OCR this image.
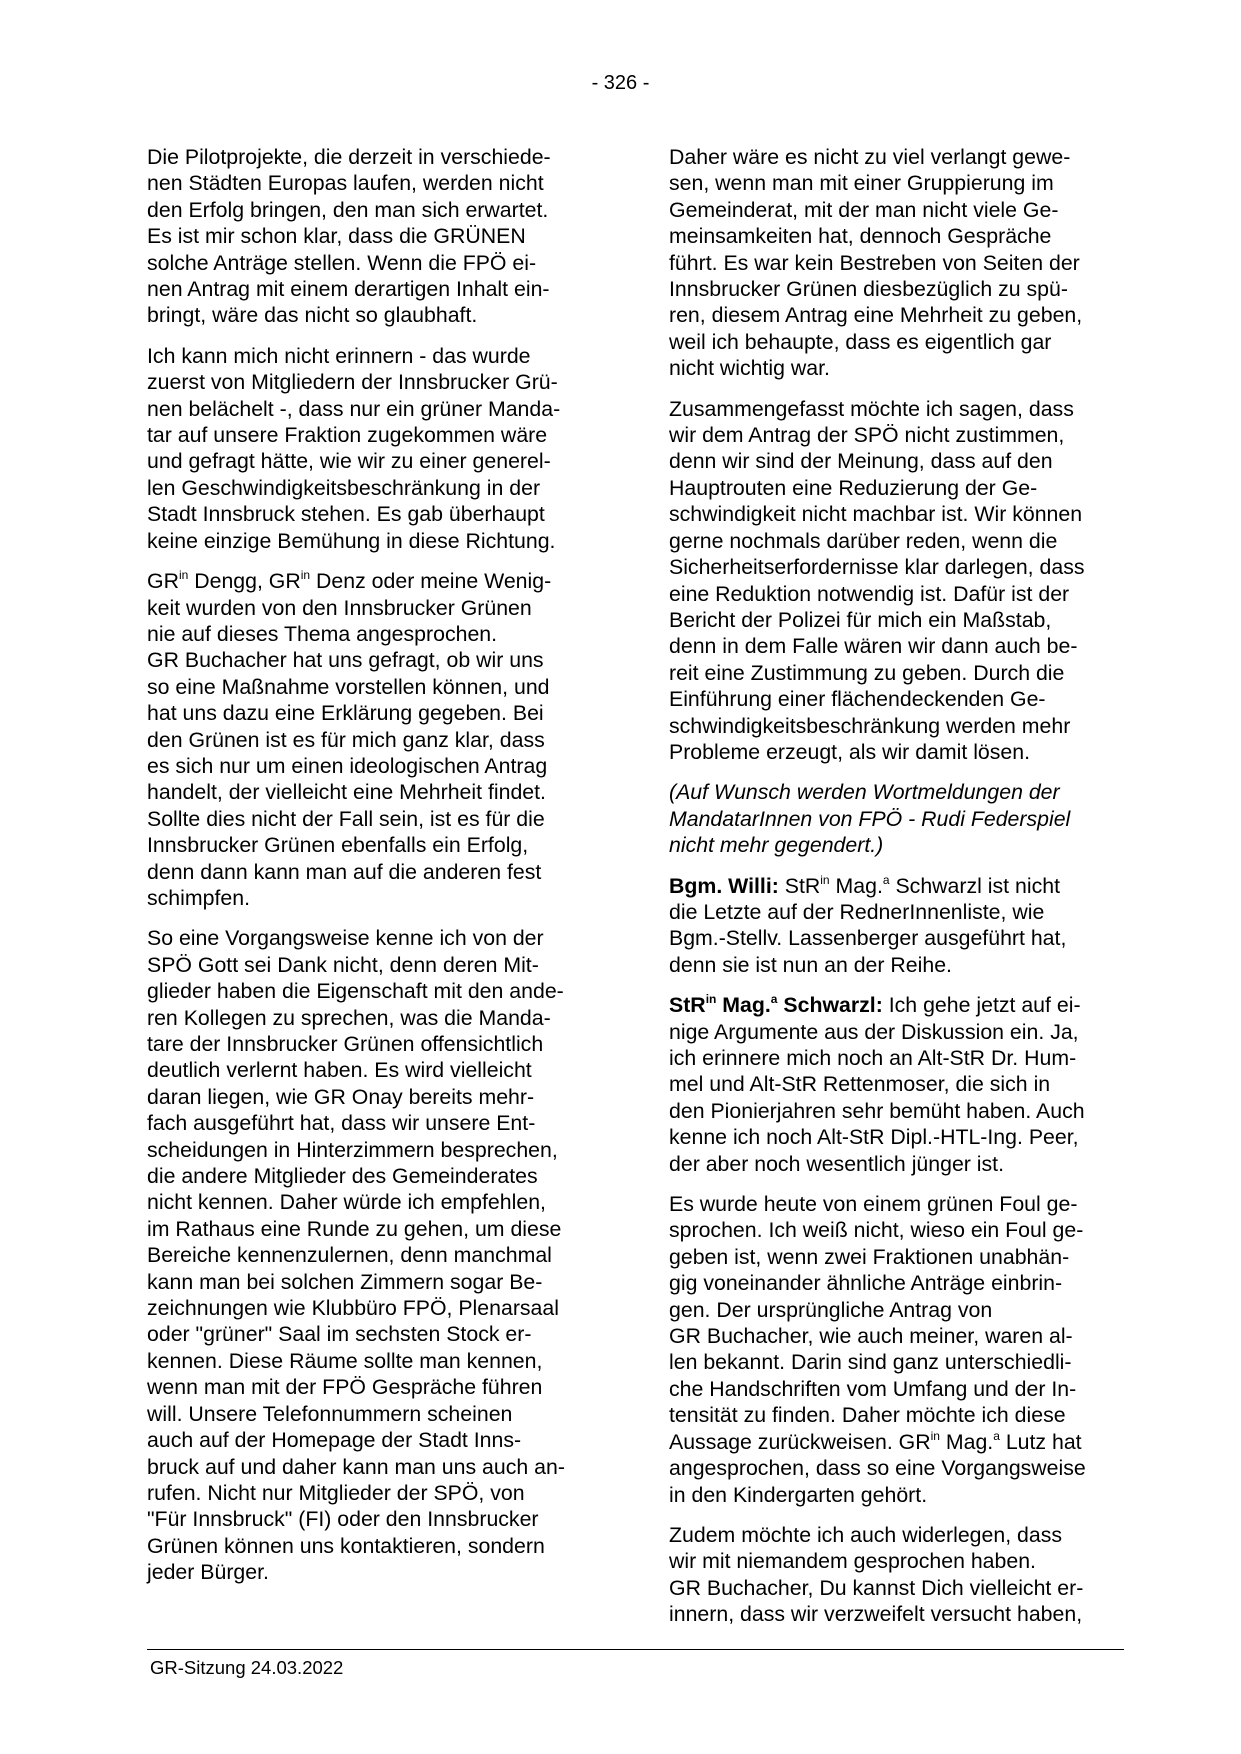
- 326 -
Die Pilotprojekte, die derzeit in verschiede-
nen Städten Europas laufen, werden nicht
den Erfolg bringen, den man sich erwartet.
Es ist mir schon klar, dass die GRÜNEN
solche Anträge stellen. Wenn die FPÖ ei-
nen Antrag mit einem derartigen Inhalt ein-
bringt, wäre das nicht so glaubhaft.
Ich kann mich nicht erinnern - das wurde
zuerst von Mitgliedern der Innsbrucker Grü-
nen belächelt -, dass nur ein grüner Manda-
tar auf unsere Fraktion zugekommen wäre
und gefragt hätte, wie wir zu einer generel-
len Geschwindigkeitsbeschränkung in der
Stadt Innsbruck stehen. Es gab überhaupt
keine einzige Bemühung in diese Richtung.
$GR^{in}$ Dengg, $GR^{in}$ Denz oder meine Wenig-
keit wurden von den Innsbrucker Grünen
nie auf dieses Thema angesprochen.
GR Buchacher hat uns gefragt, ob wir uns
so eine Maßnahme vorstellen können, und
hat uns dazu eine Erklärung gegeben. Bei
den Grünen ist es für mich ganz klar, dass
es sich nur um einen ideologischen Antrag
handelt, der vielleicht eine Mehrheit findet.
Sollte dies nicht der Fall sein, ist es für die
Innsbrucker Grünen ebenfalls ein Erfolg,
denn dann kann man auf die anderen fest
schimpfen.
So eine Vorgangsweise kenne ich von der
SPÖ Gott sei Dank nicht, denn deren Mit-
glieder haben die Eigenschaft mit den ande-
ren Kollegen zu sprechen, was die Manda-
tare der Innsbrucker Grünen offensichtlich
deutlich verlernt haben. Es wird vielleicht
daran liegen, wie GR Onay bereits mehr-
fach ausgeführt hat, dass wir unsere Ent-
scheidungen in Hinterzimmern besprechen,
die andere Mitglieder des Gemeinderates
nicht kennen. Daher würde ich empfehlen,
im Rathaus eine Runde zu gehen, um diese
Bereiche kennenzulernen, denn manchmal
kann man bei solchen Zimmern sogar Be-
zeichnungen wie Klubbüro FPÖ, Plenarsaal
oder "grüner" Saal im sechsten Stock er-
kennen. Diese Räume sollte man kennen,
wenn man mit der FPÖ Gespräche führen
will. Unsere Telefonnummern scheinen
auch auf der Homepage der Stadt Inns-
bruck auf und daher kann man uns auch an-
rufen. Nicht nur Mitglieder der SPÖ, von
"Für Innsbruck" (FI) oder den Innsbrucker
Grünen können uns kontaktieren, sondern
jeder Bürger.
Daher wäre es nicht zu viel verlangt gewe-
sen, wenn man mit einer Gruppierung im
Gemeinderat, mit der man nicht viele Ge-
meinsamkeiten hat, dennoch Gespräche
führt. Es war kein Bestreben von Seiten der
Innsbrucker Grünen diesbezüglich zu spü-
ren, diesem Antrag eine Mehrheit zu geben,
weil ich behaupte, dass es eigentlich gar
nicht wichtig war.
Zusammengefasst möchte ich sagen, dass
wir dem Antrag der SPÖ nicht zustimmen,
denn wir sind der Meinung, dass auf den
Hauptrouten eine Reduzierung der Ge-
schwindigkeit nicht machbar ist. Wir können
gerne nochmals darüber reden, wenn die
Sicherheitserfordernisse klar darlegen, dass
eine Reduktion notwendig ist. Dafür ist der
Bericht der Polizei für mich ein Maßstab,
denn in dem Falle wären wir dann auch be-
reit eine Zustimmung zu geben. Durch die
Einführung einer flächendeckenden Ge-
schwindigkeitsbeschränkung werden mehr
Probleme erzeugt, als wir damit lösen.
(Auf Wunsch werden Wortmeldungen der
MandatarInnen von FPÖ - Rudi Federspiel
nicht mehr gegendert.)
Bgm. Willi: StR$^{in}$ Mag.$^a$ Schwarzl ist nicht
die Letzte auf der RednerInnenliste, wie
Bgm.-Stellv. Lassenberger ausgeführt hat,
denn sie ist nun an der Reihe.
StR$^{in}$ Mag.$^a$ Schwarzl: Ich gehe jetzt auf ei-
nige Argumente aus der Diskussion ein. Ja,
ich erinnere mich noch an Alt-StR Dr. Hum-
mel und Alt-StR Rettenmoser, die sich in
den Pionierjahren sehr bemüht haben. Auch
kenne ich noch Alt-StR Dipl.-HTL-Ing. Peer,
der aber noch wesentlich jünger ist.
Es wurde heute von einem grünen Foul ge-
sprochen. Ich weiß nicht, wieso ein Foul ge-
geben ist, wenn zwei Fraktionen unabhän-
gig voneinander ähnliche Anträge einbrin-
gen. Der ursprüngliche Antrag von
GR Buchacher, wie auch meiner, waren al-
len bekannt. Darin sind ganz unterschiedli-
che Handschriften vom Umfang und der In-
tensität zu finden. Daher möchte ich diese
Aussage zurückweisen. $GR^{in}$ Mag.$^a$ Lutz hat
angesprochen, dass so eine Vorgangsweise
in den Kindergarten gehört.
Zudem möchte ich auch widerlegen, dass
wir mit niemandem gesprochen haben.
GR Buchacher, Du kannst Dich vielleicht er-
innern, dass wir verzweifelt versucht haben,
GR-Sitzung 24.03.2022
